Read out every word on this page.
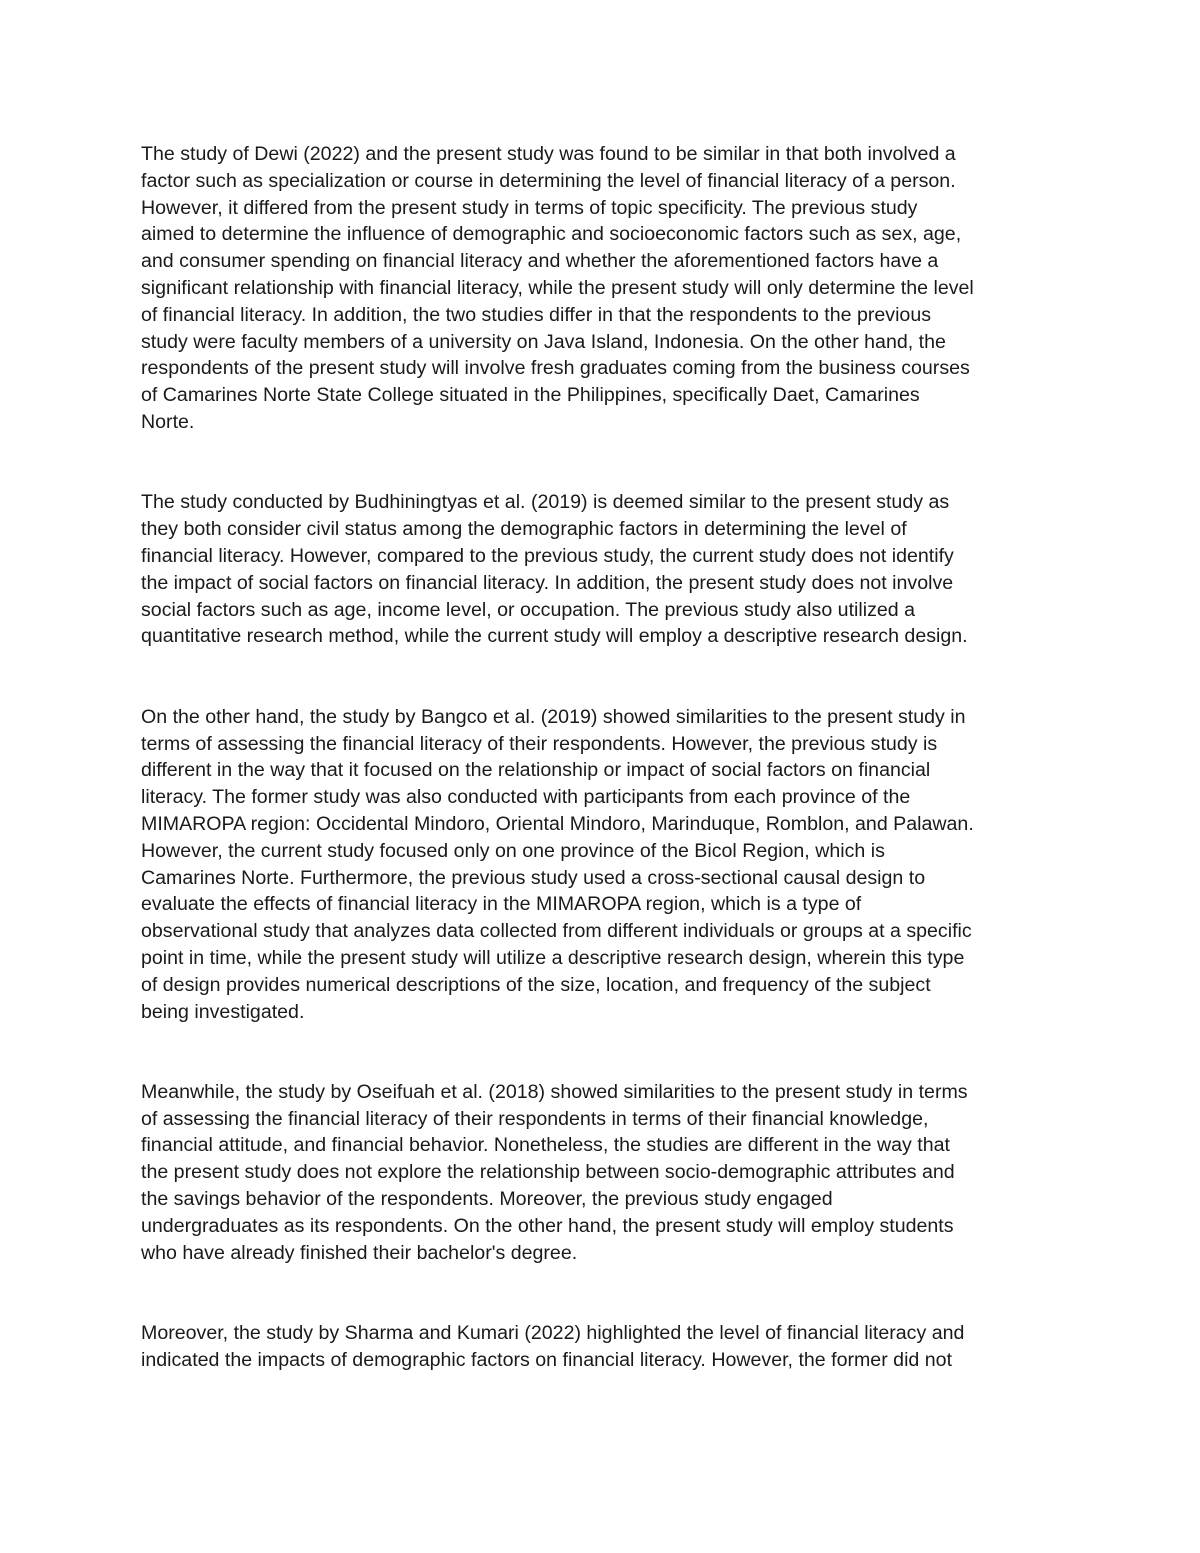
The study of Dewi (2022) and the present study was found to be similar in that both involved a
factor such as specialization or course in determining the level of financial literacy of a person.
However, it differed from the present study in terms of topic specificity. The previous study
aimed to determine the influence of demographic and socioeconomic factors such as sex, age,
and consumer spending on financial literacy and whether the aforementioned factors have a
significant relationship with financial literacy, while the present study will only determine the level
of financial literacy. In addition, the two studies differ in that the respondents to the previous
study were faculty members of a university on Java Island, Indonesia. On the other hand, the
respondents of the present study will involve fresh graduates coming from the business courses
of Camarines Norte State College situated in the Philippines, specifically Daet, Camarines
Norte.

The study conducted by Budhiningtyas et al. (2019) is deemed similar to the present study as
they both consider civil status among the demographic factors in determining the level of
financial literacy. However, compared to the previous study, the current study does not identify
the impact of social factors on financial literacy. In addition, the present study does not involve
social factors such as age, income level, or occupation. The previous study also utilized a
quantitative research method, while the current study will employ a descriptive research design.

On the other hand, the study by Bangco et al. (2019) showed similarities to the present study in
terms of assessing the financial literacy of their respondents. However, the previous study is
different in the way that it focused on the relationship or impact of social factors on financial
literacy. The former study was also conducted with participants from each province of the
MIMAROPA region: Occidental Mindoro, Oriental Mindoro, Marinduque, Romblon, and Palawan.
However, the current study focused only on one province of the Bicol Region, which is
Camarines Norte. Furthermore, the previous study used a cross-sectional causal design to
evaluate the effects of financial literacy in the MIMAROPA region, which is a type of
observational study that analyzes data collected from different individuals or groups at a specific
point in time, while the present study will utilize a descriptive research design, wherein this type
of design provides numerical descriptions of the size, location, and frequency of the subject
being investigated.

Meanwhile, the study by Oseifuah et al. (2018) showed similarities to the present study in terms
of assessing the financial literacy of their respondents in terms of their financial knowledge,
financial attitude, and financial behavior. Nonetheless, the studies are different in the way that
the present study does not explore the relationship between socio-demographic attributes and
the savings behavior of the respondents. Moreover, the previous study engaged
undergraduates as its respondents. On the other hand, the present study will employ students
who have already finished their bachelor's degree.

Moreover, the study by Sharma and Kumari (2022) highlighted the level of financial literacy and
indicated the impacts of demographic factors on financial literacy. However, the former did not
